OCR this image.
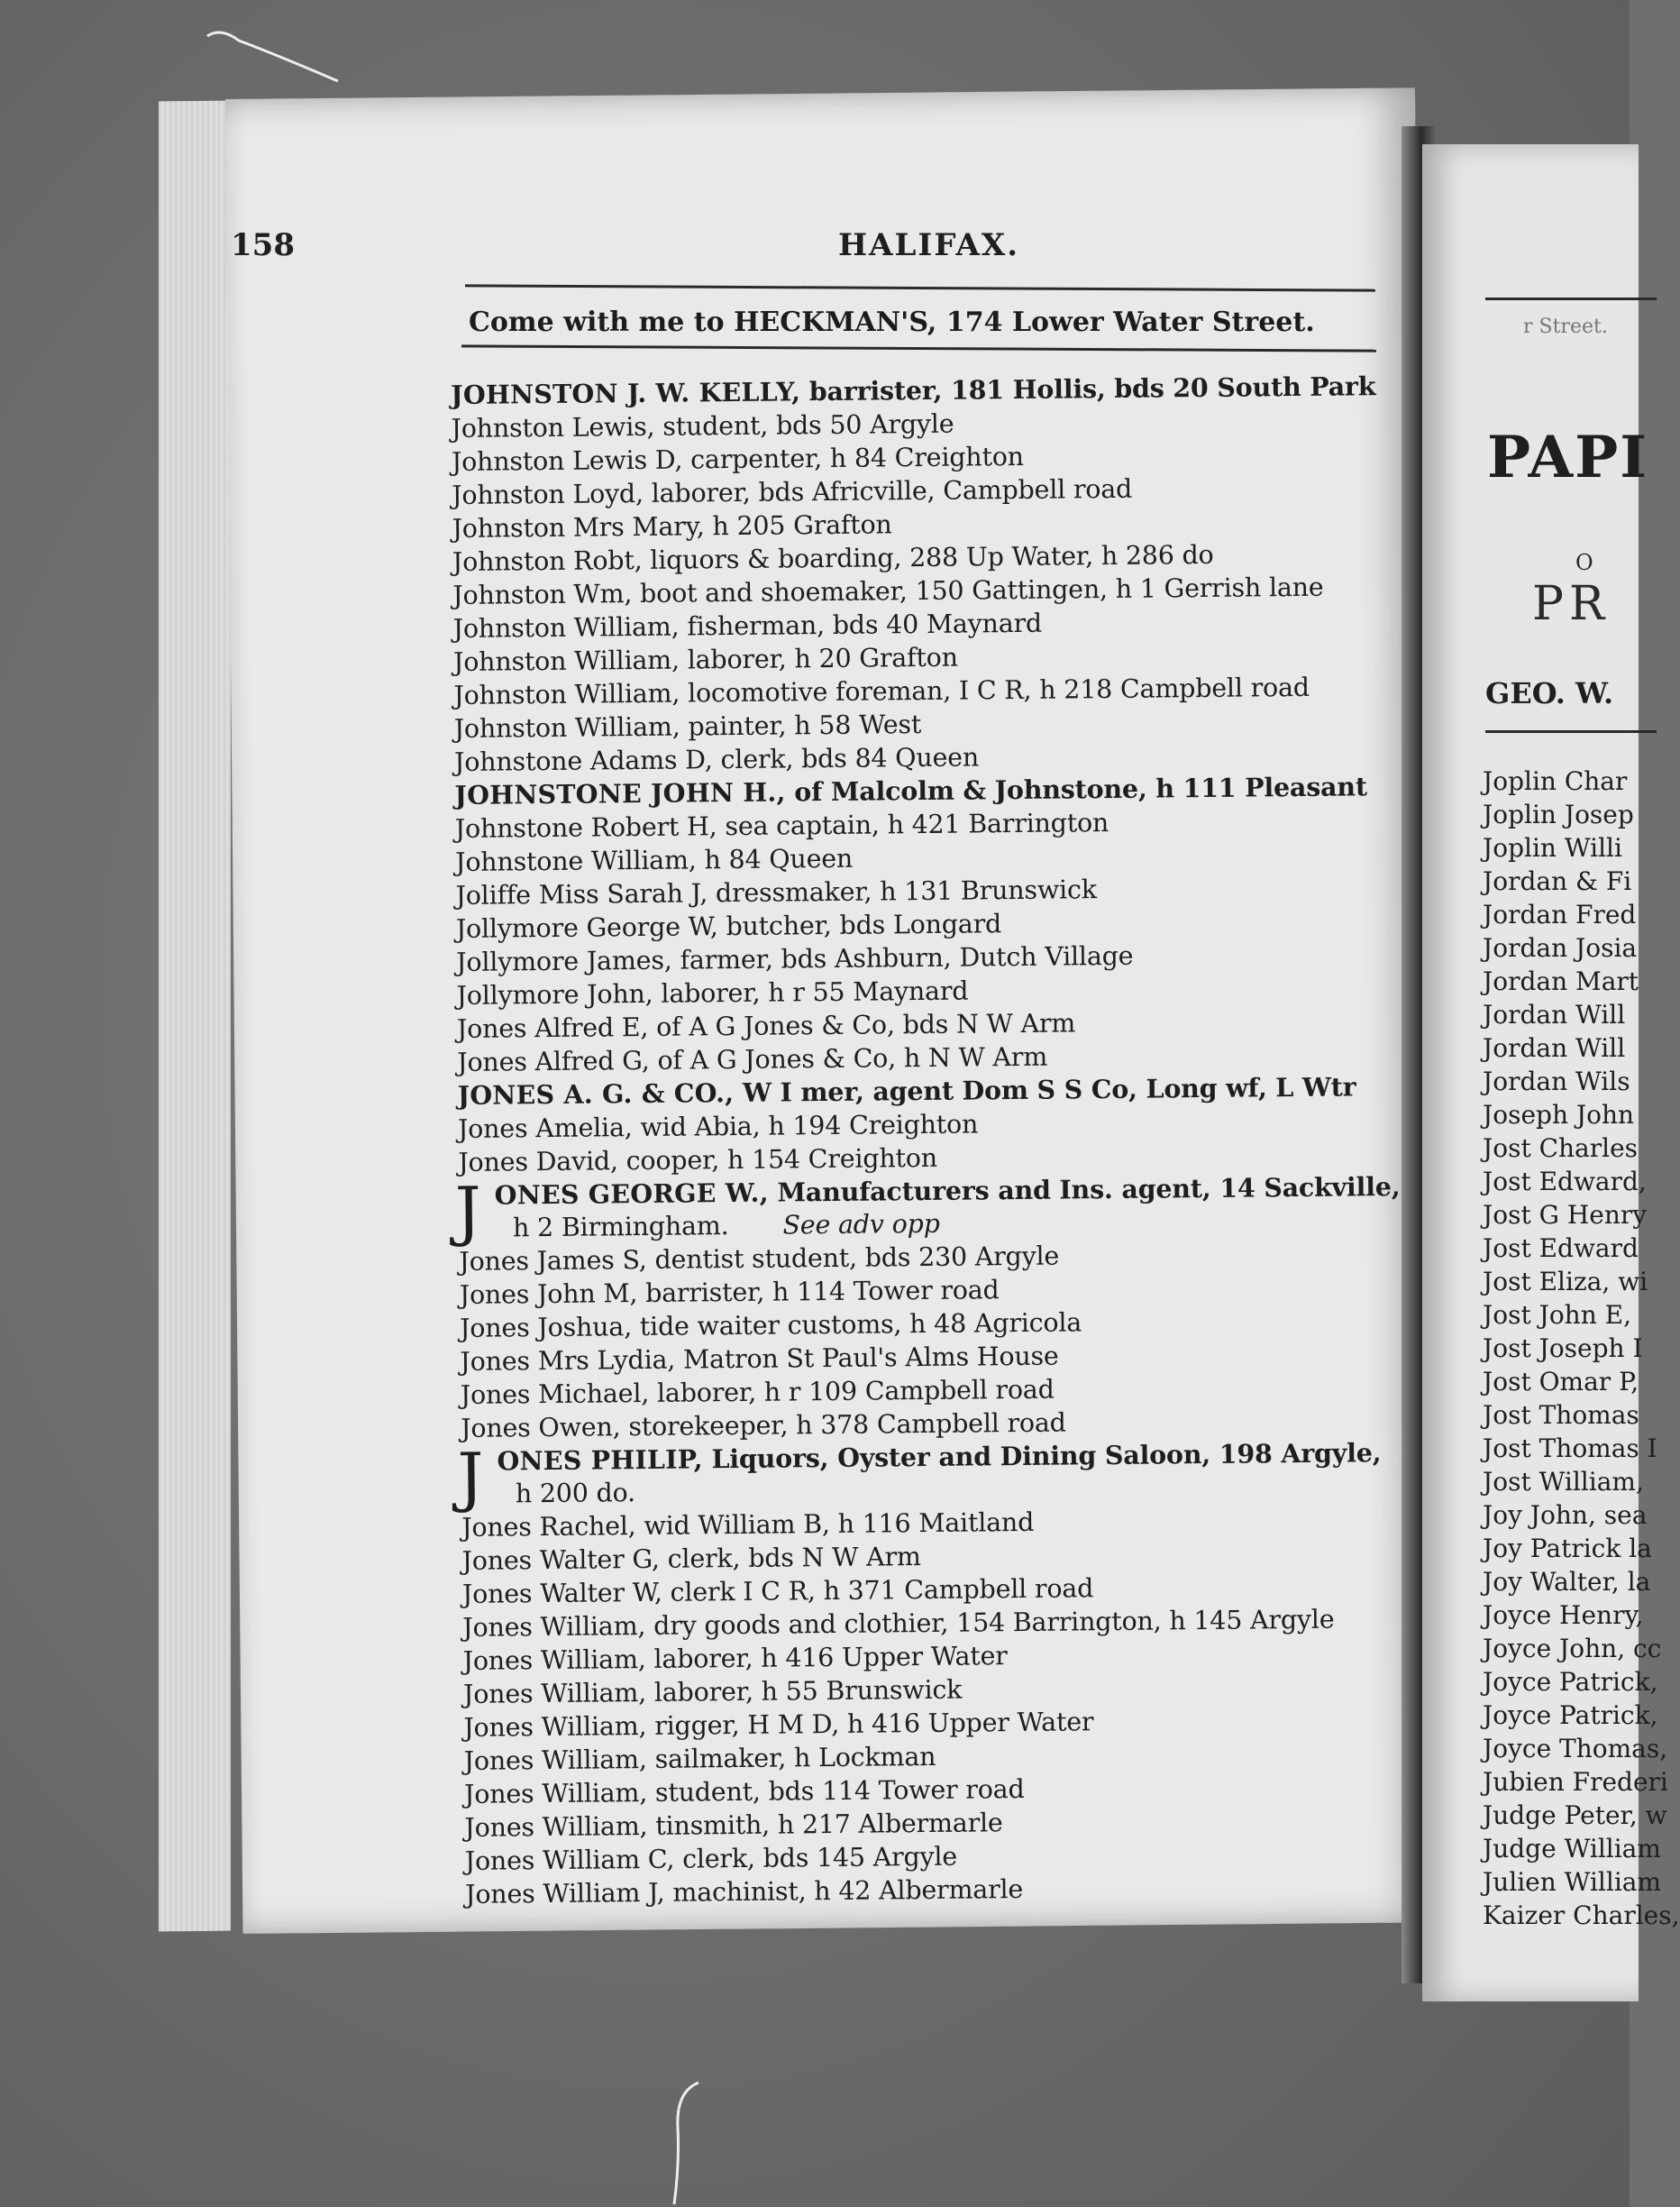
158	HALIFAX.
Come with me to HECKMAN'S, 174 Lower Water Street.
JOHNSTON J. W. KELLY, barrister, 181 Hollis, bds 20 South Park
Johnston Lewis, student, bds 50 Argyle
Johnston Lewis D, carpenter, h 84 Creighton
Johnston Loyd, laborer, bds Africville, Campbell road
Johnston Mrs Mary, h 205 Grafton
Johnston Robt, liquors & boarding, 288 Up Water, h 286 do
Johnston Wm, boot and shoemaker, 150 Gattingen, h 1 Gerrish lane
Johnston William, fisherman, bds 40 Maynard
Johnston William, laborer, h 20 Grafton
Johnston William, locomotive foreman, I C R, h 218 Campbell road
Johnston William, painter, h 58 West
Johnstone Adams D, clerk, bds 84 Queen
JOHNSTONE JOHN H., of Malcolm & Johnstone, h 111 Pleasant
Johnstone Robert H, sea captain, h 421 Barrington
Johnstone William, h 84 Queen
Joliffe Miss Sarah J, dressmaker, h 131 Brunswick
Jollymore George W, butcher, bds Longard
Jollymore James, farmer, bds Ashburn, Dutch Village
Jollymore John, laborer, h r 55 Maynard
Jones Alfred E, of A G Jones & Co, bds N W Arm
Jones Alfred G, of A G Jones & Co, h N W Arm
JONES A. G. & CO., W I mer, agent Dom S S Co, Long wf, L Wtr
Jones Amelia, wid Abia, h 194 Creighton
Jones David, cooper, h 154 Creighton
J ONES GEORGE W., Manufacturers and Ins. agent, 14 Sackville,
h 2 Birmingham. See adv opp
Jones James S, dentist student, bds 230 Argyle
Jones John M, barrister, h 114 Tower road
Jones Joshua, tide waiter customs, h 48 Agricola
Jones Mrs Lydia, Matron St Paul's Alms House
Jones Michael, laborer, h r 109 Campbell road
Jones Owen, storekeeper, h 378 Campbell road
J ONES PHILIP, Liquors, Oyster and Dining Saloon, 198 Argyle,
h 200 do.
Jones Rachel, wid William B, h 116 Maitland
Jones Walter G, clerk, bds N W Arm
Jones Walter W, clerk I C R, h 371 Campbell road
Jones William, dry goods and clothier, 154 Barrington, h 145 Argyle
Jones William, laborer, h 416 Upper Water
Jones William, laborer, h 55 Brunswick
Jones William, rigger, H M D, h 416 Upper Water
Jones William, sailmaker, h Lockman
Jones William, student, bds 114 Tower road
Jones William, tinsmith, h 217 Albermarle
Jones William C, clerk, bds 145 Argyle
Jones William J, machinist, h 42 Albermarle
r Street.
PAPI
O
PR
GEO. W.
Joplin Char
Joplin Josep
Joplin Willi
Jordan & Fi
Jordan Fred
Jordan Josia
Jordan Mart
Jordan Will
Jordan Will
Jordan Wils
Joseph John
Jost Charles
Jost Edward,
Jost G Henry
Jost Edward
Jost Eliza, wi
Jost John E,
Jost Joseph I
Jost Omar P,
Jost Thomas
Jost Thomas I
Jost William,
Joy John, sea
Joy Patrick la
Joy Walter, la
Joyce Henry,
Joyce John, cc
Joyce Patrick,
Joyce Patrick,
Joyce Thomas,
Jubien Frederi
Judge Peter, w
Judge William
Julien William
Kaizer Charles,
